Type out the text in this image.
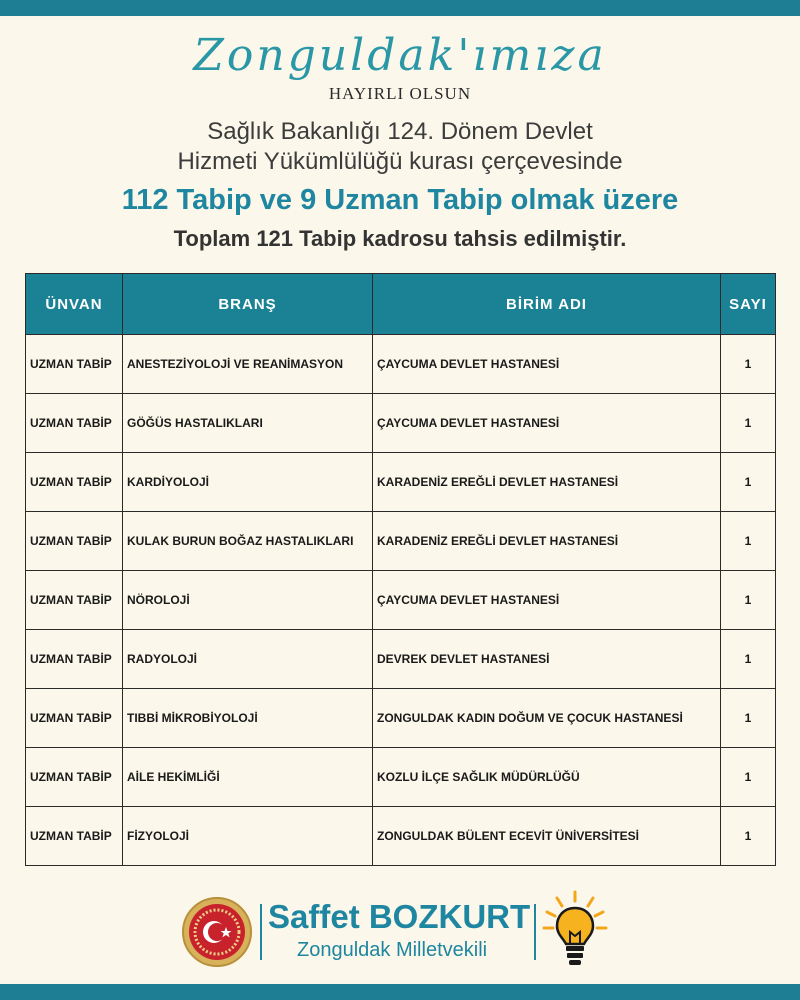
Zonguldak'ımıza
HAYIRLI OLSUN
Sağlık Bakanlığı 124. Dönem Devlet
Hizmeti Yükümlülüğü kurası çerçevesinde
112 Tabip ve 9 Uzman Tabip olmak üzere
Toplam 121 Tabip kadrosu tahsis edilmiştir.
ÜNVAN	BRANŞ	BİRİM ADI	SAYI
UZMAN TABİP	ANESTEZİYOLOJİ VE REANİMASYON	ÇAYCUMA DEVLET HASTANESİ	1
UZMAN TABİP	GÖĞÜS HASTALIKLARI	ÇAYCUMA DEVLET HASTANESİ	1
UZMAN TABİP	KARDİYOLOJİ	KARADENİZ EREĞLİ DEVLET HASTANESİ	1
UZMAN TABİP	KULAK BURUN BOĞAZ HASTALIKLARI	KARADENİZ EREĞLİ DEVLET HASTANESİ	1
UZMAN TABİP	NÖROLOJİ	ÇAYCUMA DEVLET HASTANESİ	1
UZMAN TABİP	RADYOLOJİ	DEVREK DEVLET HASTANESİ	1
UZMAN TABİP	TIBBİ MİKROBİYOLOJİ	ZONGULDAK KADIN DOĞUM VE ÇOCUK HASTANESİ	1
UZMAN TABİP	AİLE HEKİMLİĞİ	KOZLU İLÇE SAĞLIK MÜDÜRLÜĞÜ	1
UZMAN TABİP	FİZYOLOJİ	ZONGULDAK BÜLENT ECEVİT ÜNİVERSİTESİ	1
Saffet BOZKURT
Zonguldak Milletvekili
